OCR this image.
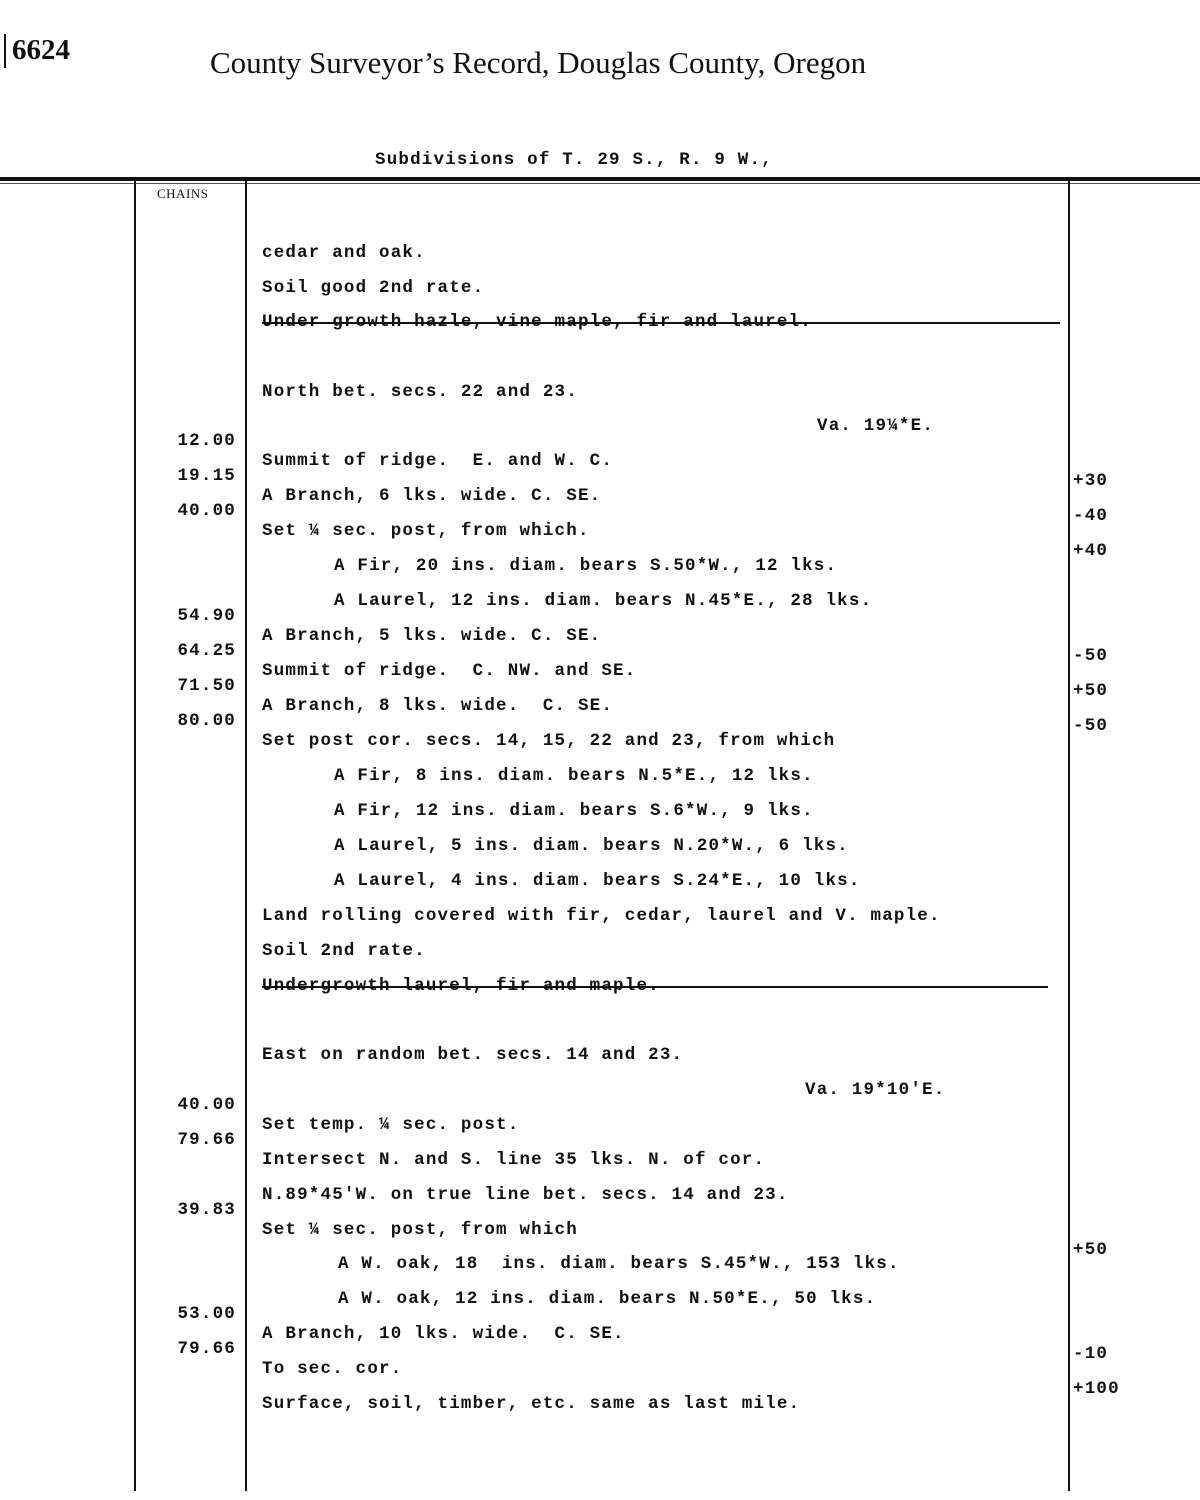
6624	County Surveyor’s Record, Douglas County, Oregon
Subdivisions of T. 29 S., R. 9 W.,
CHAINS

cedar and oak.

Soil good 2nd rate.

Under growth hazle, vine maple, fir and laurel.

North bet. secs. 22 and 23.

Va. 19¼*E.

12.00

Summit of ridge.  E. and W. C.

+30

19.15

A Branch, 6 lks. wide. C. SE.

-40

40.00

Set ¼ sec. post, from which.

+40

A Fir, 20 ins. diam. bears S.50*W., 12 lks.

A Laurel, 12 ins. diam. bears N.45*E., 28 lks.

54.90

A Branch, 5 lks. wide. C. SE.

-50

64.25

Summit of ridge.  C. NW. and SE.

+50

71.50

A Branch, 8 lks. wide.  C. SE.

-50

80.00

Set post cor. secs. 14, 15, 22 and 23, from which

A Fir, 8 ins. diam. bears N.5*E., 12 lks.

A Fir, 12 ins. diam. bears S.6*W., 9 lks.

A Laurel, 5 ins. diam. bears N.20*W., 6 lks.

A Laurel, 4 ins. diam. bears S.24*E., 10 lks.

Land rolling covered with fir, cedar, laurel and V. maple.

Soil 2nd rate.

Undergrowth laurel, fir and maple.

East on random bet. secs. 14 and 23.

Va. 19*10'E.

40.00

Set temp. ¼ sec. post.

79.66

Intersect N. and S. line 35 lks. N. of cor.

N.89*45'W. on true line bet. secs. 14 and 23.

39.83

Set ¼ sec. post, from which

+50

A W. oak, 18  ins. diam. bears S.45*W., 153 lks.

A W. oak, 12 ins. diam. bears N.50*E., 50 lks.

53.00

A Branch, 10 lks. wide.  C. SE.

-10

79.66

To sec. cor.

+100

Surface, soil, timber, etc. same as last mile.
